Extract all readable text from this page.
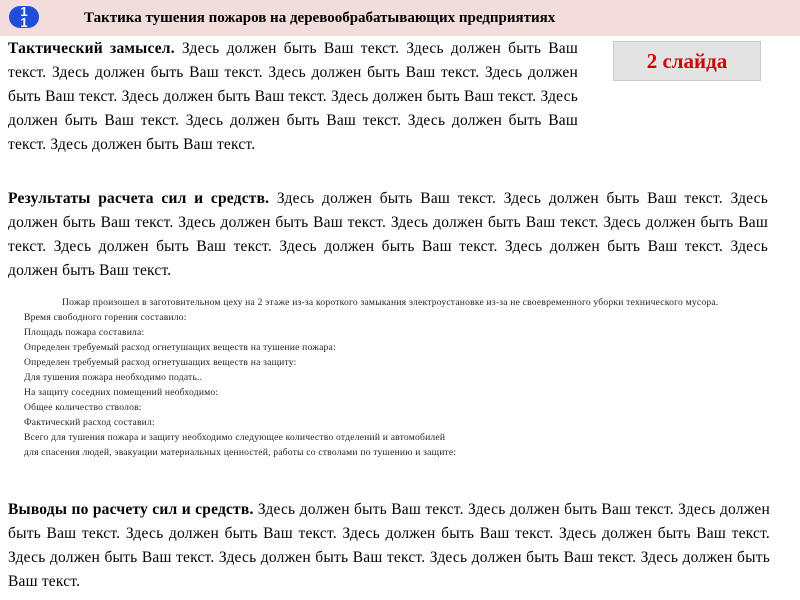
1
1	Тактика тушения пожаров на деревообрабатывающих предприятиях
2 слайда
Тактический замысел. Здесь должен быть Ваш текст. Здесь должен быть Ваш текст. Здесь должен быть Ваш текст. Здесь должен быть Ваш текст. Здесь должен быть Ваш текст. Здесь должен быть Ваш текст. Здесь должен быть Ваш текст. Здесь должен быть Ваш текст. Здесь должен быть Ваш текст. Здесь должен быть Ваш текст. Здесь должен быть Ваш текст.
Результаты расчета сил и средств. Здесь должен быть Ваш текст. Здесь должен быть Ваш текст. Здесь должен быть Ваш текст. Здесь должен быть Ваш текст. Здесь должен быть Ваш текст. Здесь должен быть Ваш текст. Здесь должен быть Ваш текст. Здесь должен быть Ваш текст. Здесь должен быть Ваш текст. Здесь должен быть Ваш текст.
Пожар произошел в заготовительном цеху на 2 этаже из-за короткого замыкания электроустановке из-за не своевременного уборки технического мусора.
Время свободного горения составило:
Площадь пожара составила:
Определен требуемый расход огнетушащих веществ на тушение пожара:
Определен требуемый расход огнетушащих веществ на защиту:
Для тушения пожара необходимо подать..
На защиту соседних помещений необходимо:
Общее количество стволов:
Фактический расход составил:
Всего для тушения пожара и защиту необходимо следующее количество отделений и автомобилей
для спасения людей, эвакуации материальных ценностей, работы со стволами по тушению и защите:
Выводы по расчету сил и средств. Здесь должен быть Ваш текст. Здесь должен быть Ваш текст. Здесь должен быть Ваш текст. Здесь должен быть Ваш текст. Здесь должен быть Ваш текст. Здесь должен быть Ваш текст. Здесь должен быть Ваш текст. Здесь должен быть Ваш текст. Здесь должен быть Ваш текст. Здесь должен быть Ваш текст.
